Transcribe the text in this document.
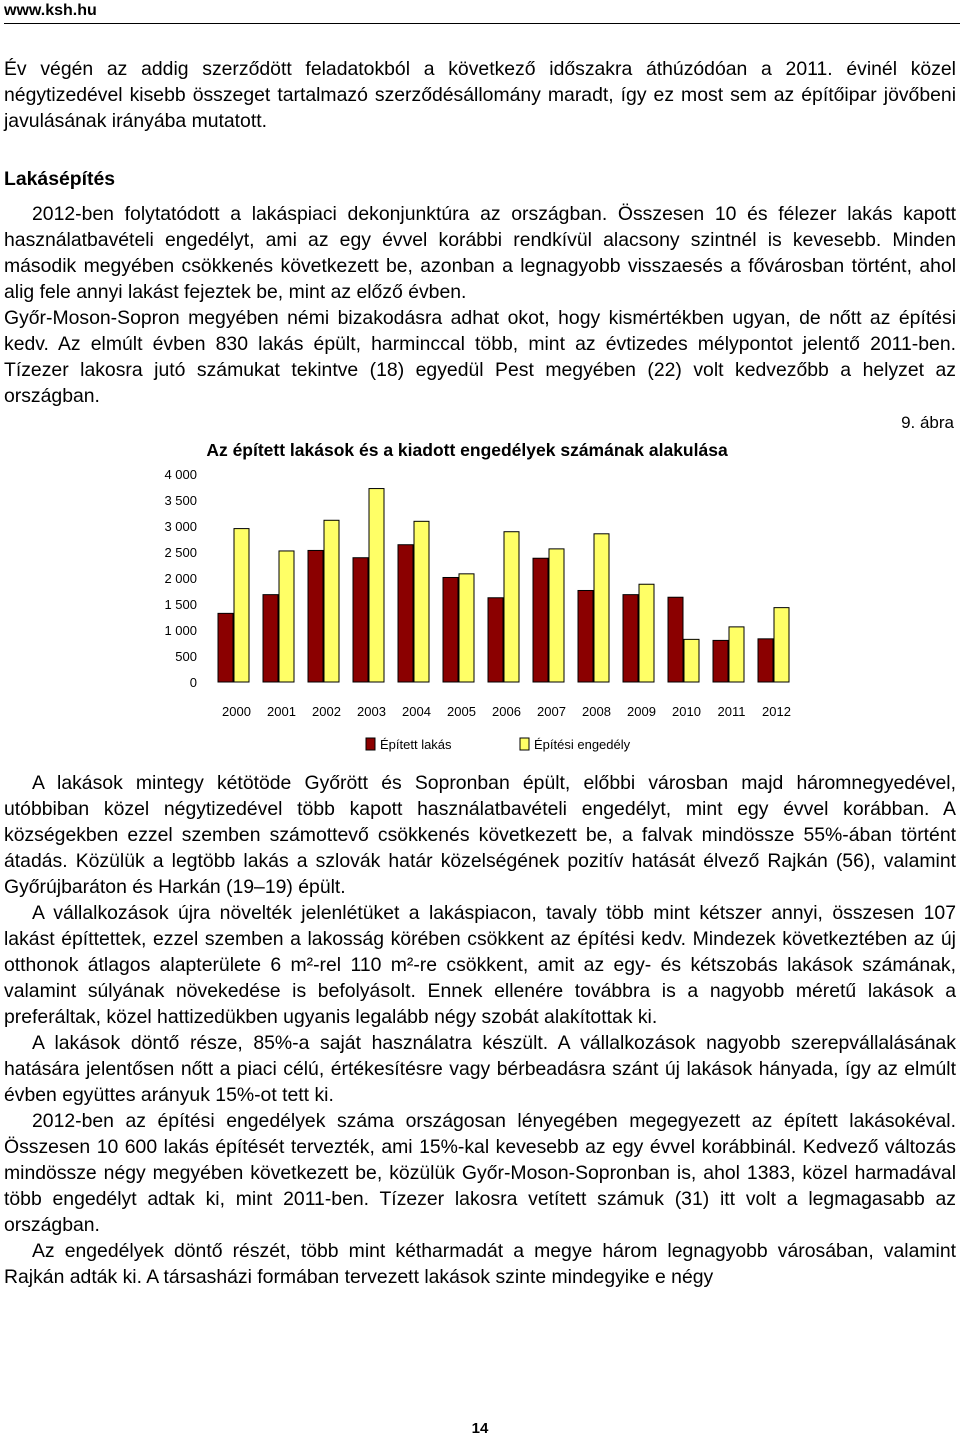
www.ksh.hu

Év végén az addig szerződött feladatokból a következő időszakra áthúzódóan a 2011. évinél közel négytizedével kisebb összeget tartalmazó szerződésállomány maradt, így ez most sem az építőipar jövőbeni javulásának irányába mutatott.

Lakásépítés

2012-ben folytatódott a lakáspiaci dekonjunktúra az országban. Összesen 10 és félezer lakás kapott használatbavételi engedélyt, ami az egy évvel korábbi rendkívül alacsony szintnél is kevesebb. Minden második megyében csökkenés következett be, azonban a legnagyobb visszaesés a fővárosban történt, ahol alig fele annyi lakást fejeztek be, mint az előző évben.

Győr-Moson-Sopron megyében némi bizakodásra adhat okot, hogy kismértékben ugyan, de nőtt az építési kedv. Az elmúlt évben 830 lakás épült, harminccal több, mint az évtizedes mélypontot jelentő 2011-ben. Tízezer lakosra jutó számukat tekintve (18) egyedül Pest megyében (22) volt kedvezőbb a helyzet az országban.

9. ábra
Az épített lakások és a kiadott engedélyek számának alakulása
0
500
1 000
1 500
2 000
2 500
3 000
3 500
4 000
2000 2001 2002 2003 2004 2005 2006 2007 2008 2009 2010 2011 2012
Épített lakás	Építési engedély

A lakások mintegy kétötöde Győrött és Sopronban épült, előbbi városban majd háromnegyedével, utóbbiban közel négytizedével több kapott használatbavételi engedélyt, mint egy évvel korábban. A községekben ezzel szemben számottevő csökkenés következett be, a falvak mindössze 55%-ában történt átadás. Közülük a legtöbb lakás a szlovák határ közelségének pozitív hatását élvező Rajkán (56), valamint Győrújbaráton és Harkán (19–19) épült.

A vállalkozások újra növelték jelenlétüket a lakáspiacon, tavaly több mint kétszer annyi, összesen 107 lakást építtettek, ezzel szemben a lakosság körében csökkent az építési kedv. Mindezek következtében az új otthonok átlagos alapterülete 6 m²-rel 110 m²-re csökkent, amit az egy- és kétszobás lakások számának, valamint súlyának növekedése is befolyásolt. Ennek ellenére továbbra is a nagyobb méretű lakások a preferáltak, közel hattizedükben ugyanis legalább négy szobát alakítottak ki.

A lakások döntő része, 85%-a saját használatra készült. A vállalkozások nagyobb szerepvállalásának hatására jelentősen nőtt a piaci célú, értékesítésre vagy bérbeadásra szánt új lakások hányada, így az elmúlt évben együttes arányuk 15%-ot tett ki.

2012-ben az építési engedélyek száma országosan lényegében megegyezett az épített lakásokéval. Összesen 10 600 lakás építését tervezték, ami 15%-kal kevesebb az egy évvel korábbinál. Kedvező változás mindössze négy megyében következett be, közülük Győr-Moson-Sopronban is, ahol 1383, közel harmadával több engedélyt adtak ki, mint 2011-ben. Tízezer lakosra vetített számuk (31) itt volt a legmagasabb az országban.

Az engedélyek döntő részét, több mint kétharmadát a megye három legnagyobb városában, valamint Rajkán adták ki. A társasházi formában tervezett lakások szinte mindegyike e négy

14
